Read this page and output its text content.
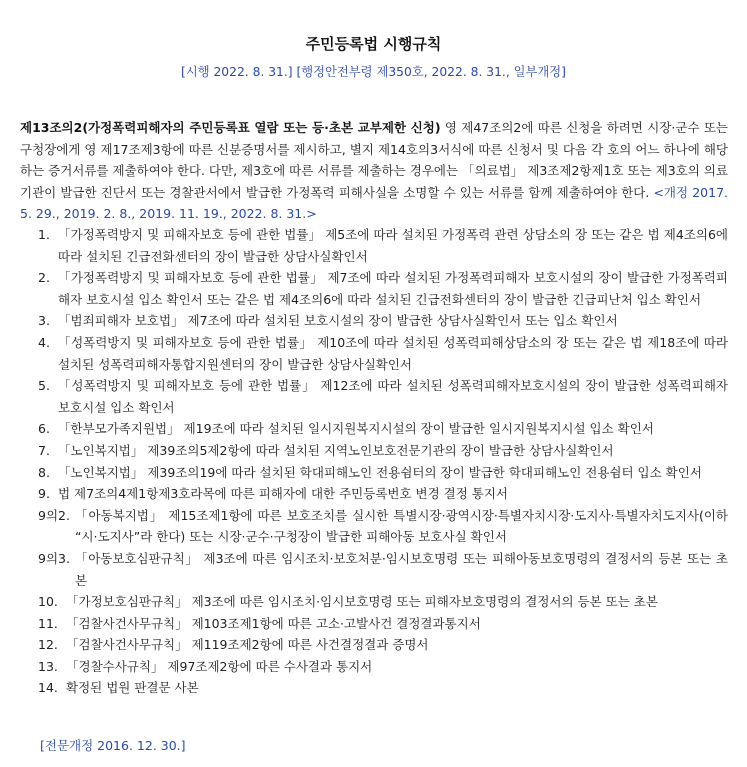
주민등록법 시행규칙

[시행 2022. 8. 31.] [행정안전부령 제350호, 2022. 8. 31., 일부개정]

제13조의2(가정폭력피해자의 주민등록표 열람 또는 등·초본 교부제한 신청) 영 제47조의2에 따른 신청을 하려면 시장·군수 또는 구청장에게 영 제17조제3항에 따른 신분증명서를 제시하고, 별지 제14호의3서식에 따른 신청서 및 다음 각 호의 어느 하나에 해당하는 증거서류를 제출하여야 한다. 다만, 제3호에 따른 서류를 제출하는 경우에는 「의료법」 제3조제2항제1호 또는 제3호의 의료기관이 발급한 진단서 또는 경찰관서에서 발급한 가정폭력 피해사실을 소명할 수 있는 서류를 함께 제출하여야 한다. <개정 2017. 5. 29., 2019. 2. 8., 2019. 11. 19., 2022. 8. 31.>

1. 「가정폭력방지 및 피해자보호 등에 관한 법률」 제5조에 따라 설치된 가정폭력 관련 상담소의 장 또는 같은 법 제4조의6에 따라 설치된 긴급전화센터의 장이 발급한 상담사실확인서
2. 「가정폭력방지 및 피해자보호 등에 관한 법률」 제7조에 따라 설치된 가정폭력피해자 보호시설의 장이 발급한 가정폭력피해자 보호시설 입소 확인서 또는 같은 법 제4조의6에 따라 설치된 긴급전화센터의 장이 발급한 긴급피난처 입소 확인서
3. 「범죄피해자 보호법」 제7조에 따라 설치된 보호시설의 장이 발급한 상담사실확인서 또는 입소 확인서
4. 「성폭력방지 및 피해자보호 등에 관한 법률」 제10조에 따라 설치된 성폭력피해상담소의 장 또는 같은 법 제18조에 따라 설치된 성폭력피해자통합지원센터의 장이 발급한 상담사실확인서
5. 「성폭력방지 및 피해자보호 등에 관한 법률」 제12조에 따라 설치된 성폭력피해자보호시설의 장이 발급한 성폭력피해자 보호시설 입소 확인서
6. 「한부모가족지원법」 제19조에 따라 설치된 일시지원복지시설의 장이 발급한 일시지원복지시설 입소 확인서
7. 「노인복지법」 제39조의5제2항에 따라 설치된 지역노인보호전문기관의 장이 발급한 상담사실확인서
8. 「노인복지법」 제39조의19에 따라 설치된 학대피해노인 전용쉼터의 장이 발급한 학대피해노인 전용쉼터 입소 확인서
9. 법 제7조의4제1항제3호라목에 따른 피해자에 대한 주민등록번호 변경 결정 통지서
9의2. 「아동복지법」 제15조제1항에 따른 보호조치를 실시한 특별시장·광역시장·특별자치시장·도지사·특별자치도지사(이하 “시·도지사”라 한다) 또는 시장·군수·구청장이 발급한 피해아동 보호사실 확인서
9의3. 「아동보호심판규칙」 제3조에 따른 임시조치·보호처분·임시보호명령 또는 피해아동보호명령의 결정서의 등본 또는 초본
10. 「가정보호심판규칙」 제3조에 따른 임시조치·임시보호명령 또는 피해자보호명령의 결정서의 등본 또는 초본
11. 「검찰사건사무규칙」 제103조제1항에 따른 고소·고발사건 결정결과통지서
12. 「검찰사건사무규칙」 제119조제2항에 따른 사건결정결과 증명서
13. 「경찰수사규칙」 제97조제2항에 따른 수사결과 통지서
14. 확정된 법원 판결문 사본

[전문개정 2016. 12. 30.]
